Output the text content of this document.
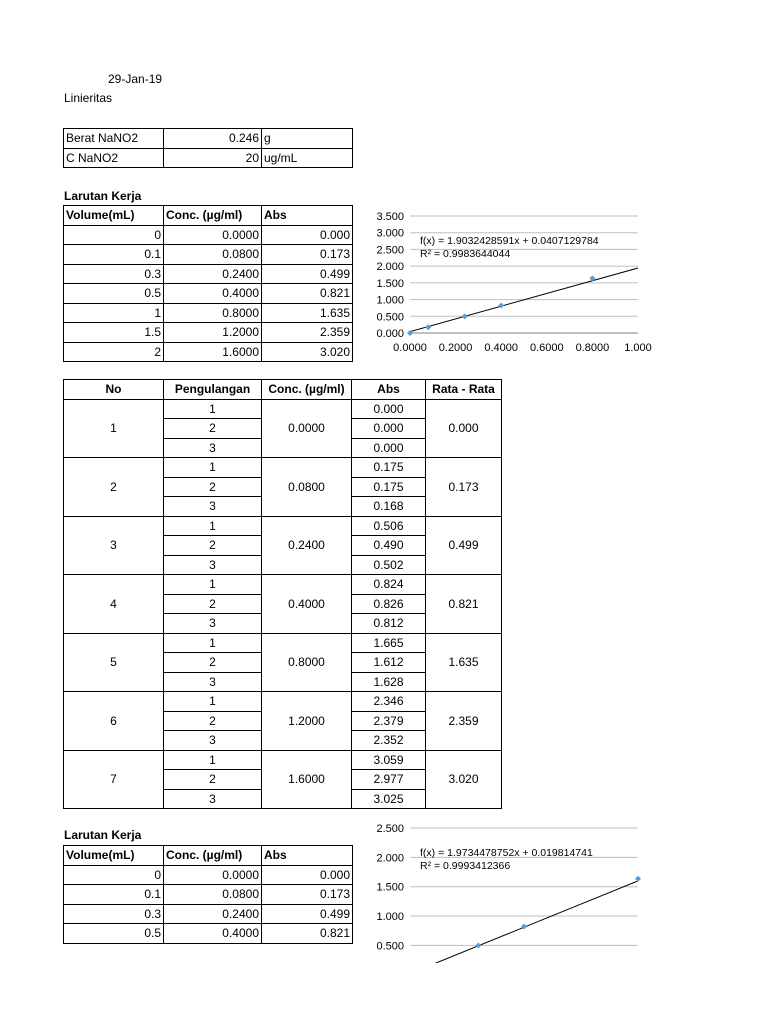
29-Jan-19
Linieritas
Berat NaNO2	0.246	g
C NaNO2	20	ug/mL
Larutan Kerja
Volume(mL)	Conc. (µg/ml)	Abs
0	0.0000	0.000
0.1	0.0800	0.173
0.3	0.2400	0.499
0.5	0.4000	0.821
1	0.8000	1.635
1.5	1.2000	2.359
2	1.6000	3.020
0.000
0.500
1.000
1.500
2.000
2.500
3.000
3.500
0.0000 0.2000 0.4000 0.6000 0.8000 1.000
f(x) = 1.9032428591x + 0.0407129784
R² = 0.9983644044
No	Pengulangan	Conc. (µg/ml)	Abs	Rata - Rata
1	1	0.0000	0.000	0.000
	2		0.000	
	3		0.000	
2	1	0.0800	0.175	0.173
	2		0.175	
	3		0.168	
3	1	0.2400	0.506	0.499
	2		0.490	
	3		0.502	
4	1	0.4000	0.824	0.821
	2		0.826	
	3		0.812	
5	1	0.8000	1.665	1.635
	2		1.612	
	3		1.628	
6	1	1.2000	2.346	2.359
	2		2.379	
	3		2.352	
7	1	1.6000	3.059	3.020
	2		2.977	
	3		3.025	
Larutan Kerja
Volume(mL)	Conc. (µg/ml)	Abs
0	0.0000	0.000
0.1	0.0800	0.173
0.3	0.2400	0.499
0.5	0.4000	0.821
0.500
1.000
1.500
2.000
2.500
f(x) = 1.9734478752x + 0.019814741
R² = 0.9993412366
